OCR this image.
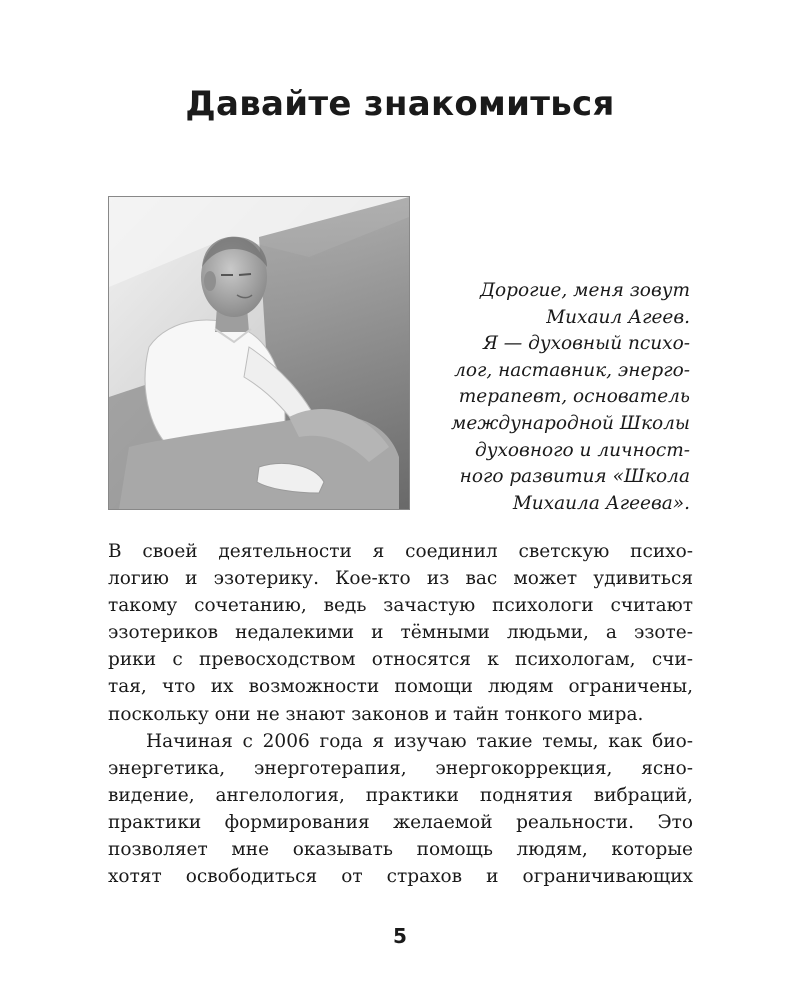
Давайте знакомиться
Дорогие, меня зовут
Михаил Агеев.
Я — духовный психо-
лог, наставник, энерго-
терапевт, основатель
международной Школы
духовного и личност-
ного развития «Школа
Михаила Агеева».
В своей деятельности я соединил светскую психо-
логию и эзотерику. Кое-кто из вас может удивиться
такому сочетанию, ведь зачастую психологи считают
эзотериков недалекими и тёмными людьми, а эзоте-
рики с превосходством относятся к психологам, счи-
тая, что их возможности помощи людям ограничены,
поскольку они не знают законов и тайн тонкого мира.
Начиная с 2006 года я изучаю такие темы, как био-
энергетика, энерготерапия, энергокоррекция, ясно-
видение, ангелология, практики поднятия вибраций,
практики формирования желаемой реальности. Это
позволяет мне оказывать помощь людям, которые
хотят освободиться от страхов и ограничивающих
5
